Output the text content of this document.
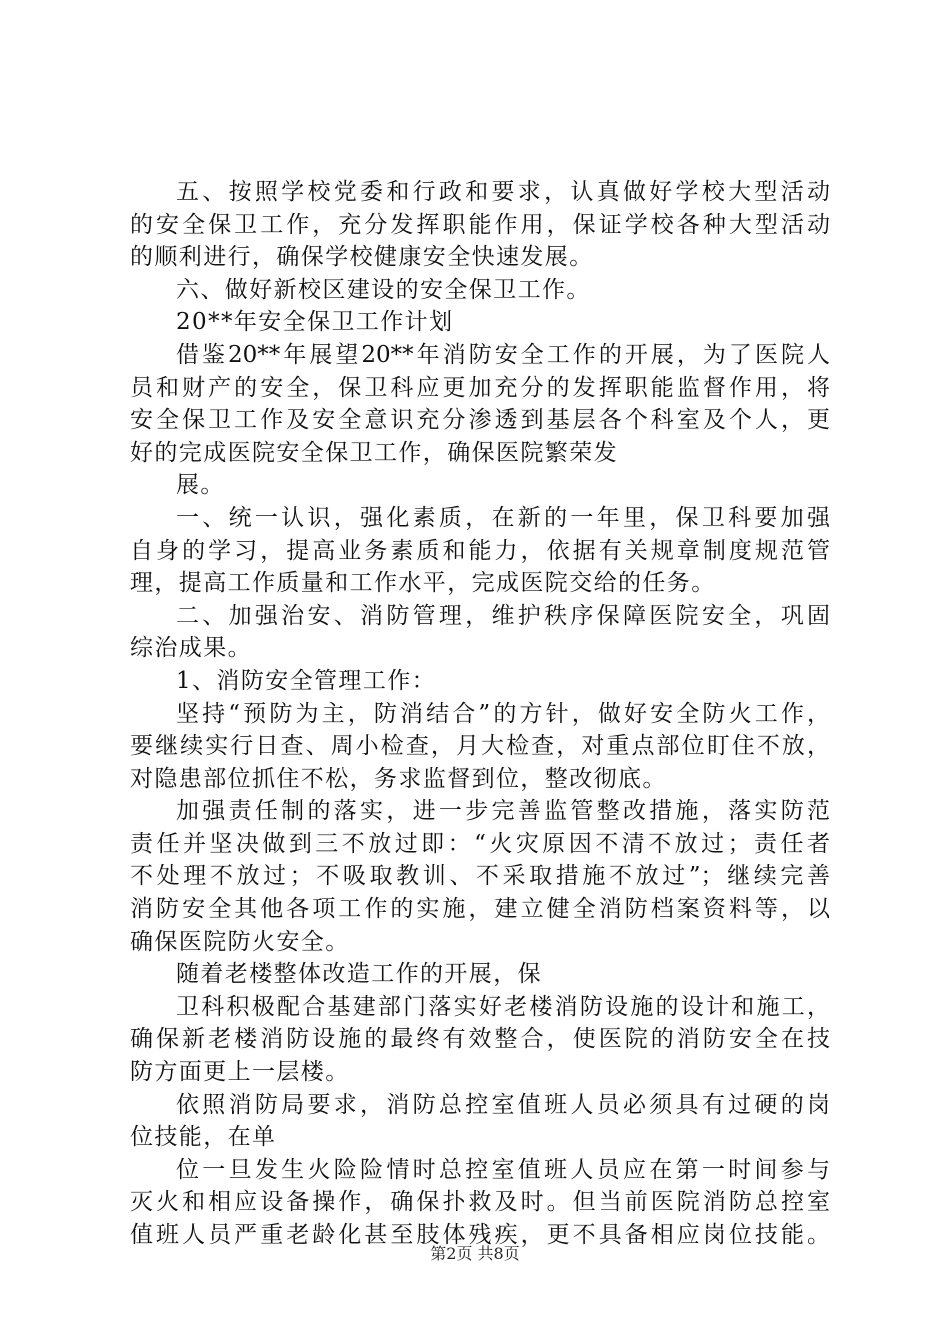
五、按照学校党委和行政和要求，认真做好学校大型活动
的安全保卫工作，充分发挥职能作用，保证学校各种大型活动
的顺利进行，确保学校健康安全快速发展。
六、做好新校区建设的安全保卫工作。
20**年安全保卫工作计划
借鉴20**年展望20**年消防安全工作的开展，为了医院人
员和财产的安全，保卫科应更加充分的发挥职能监督作用，将
安全保卫工作及安全意识充分渗透到基层各个科室及个人，更
好的完成医院安全保卫工作，确保医院繁荣发
展。
一、统一认识，强化素质，在新的一年里，保卫科要加强
自身的学习，提高业务素质和能力，依据有关规章制度规范管
理，提高工作质量和工作水平，完成医院交给的任务。
二、加强治安、消防管理，维护秩序保障医院安全，巩固
综治成果。
1、消防安全管理工作：
坚持“预防为主，防消结合”的方针，做好安全防火工作，
要继续实行日查、周小检查，月大检查，对重点部位盯住不放，
对隐患部位抓住不松，务求监督到位，整改彻底。
加强责任制的落实，进一步完善监管整改措施，落实防范
责任并坚决做到三不放过即：“火灾原因不清不放过；责任者
不处理不放过；不吸取教训、不采取措施不放过”；继续完善
消防安全其他各项工作的实施，建立健全消防档案资料等，以
确保医院防火安全。
随着老楼整体改造工作的开展，保
卫科积极配合基建部门落实好老楼消防设施的设计和施工，
确保新老楼消防设施的最终有效整合，使医院的消防安全在技
防方面更上一层楼。
依照消防局要求，消防总控室值班人员必须具有过硬的岗
位技能，在单
位一旦发生火险险情时总控室值班人员应在第一时间参与
灭火和相应设备操作，确保扑救及时。但当前医院消防总控室
值班人员严重老龄化甚至肢体残疾，更不具备相应岗位技能。
第2页 共8页
